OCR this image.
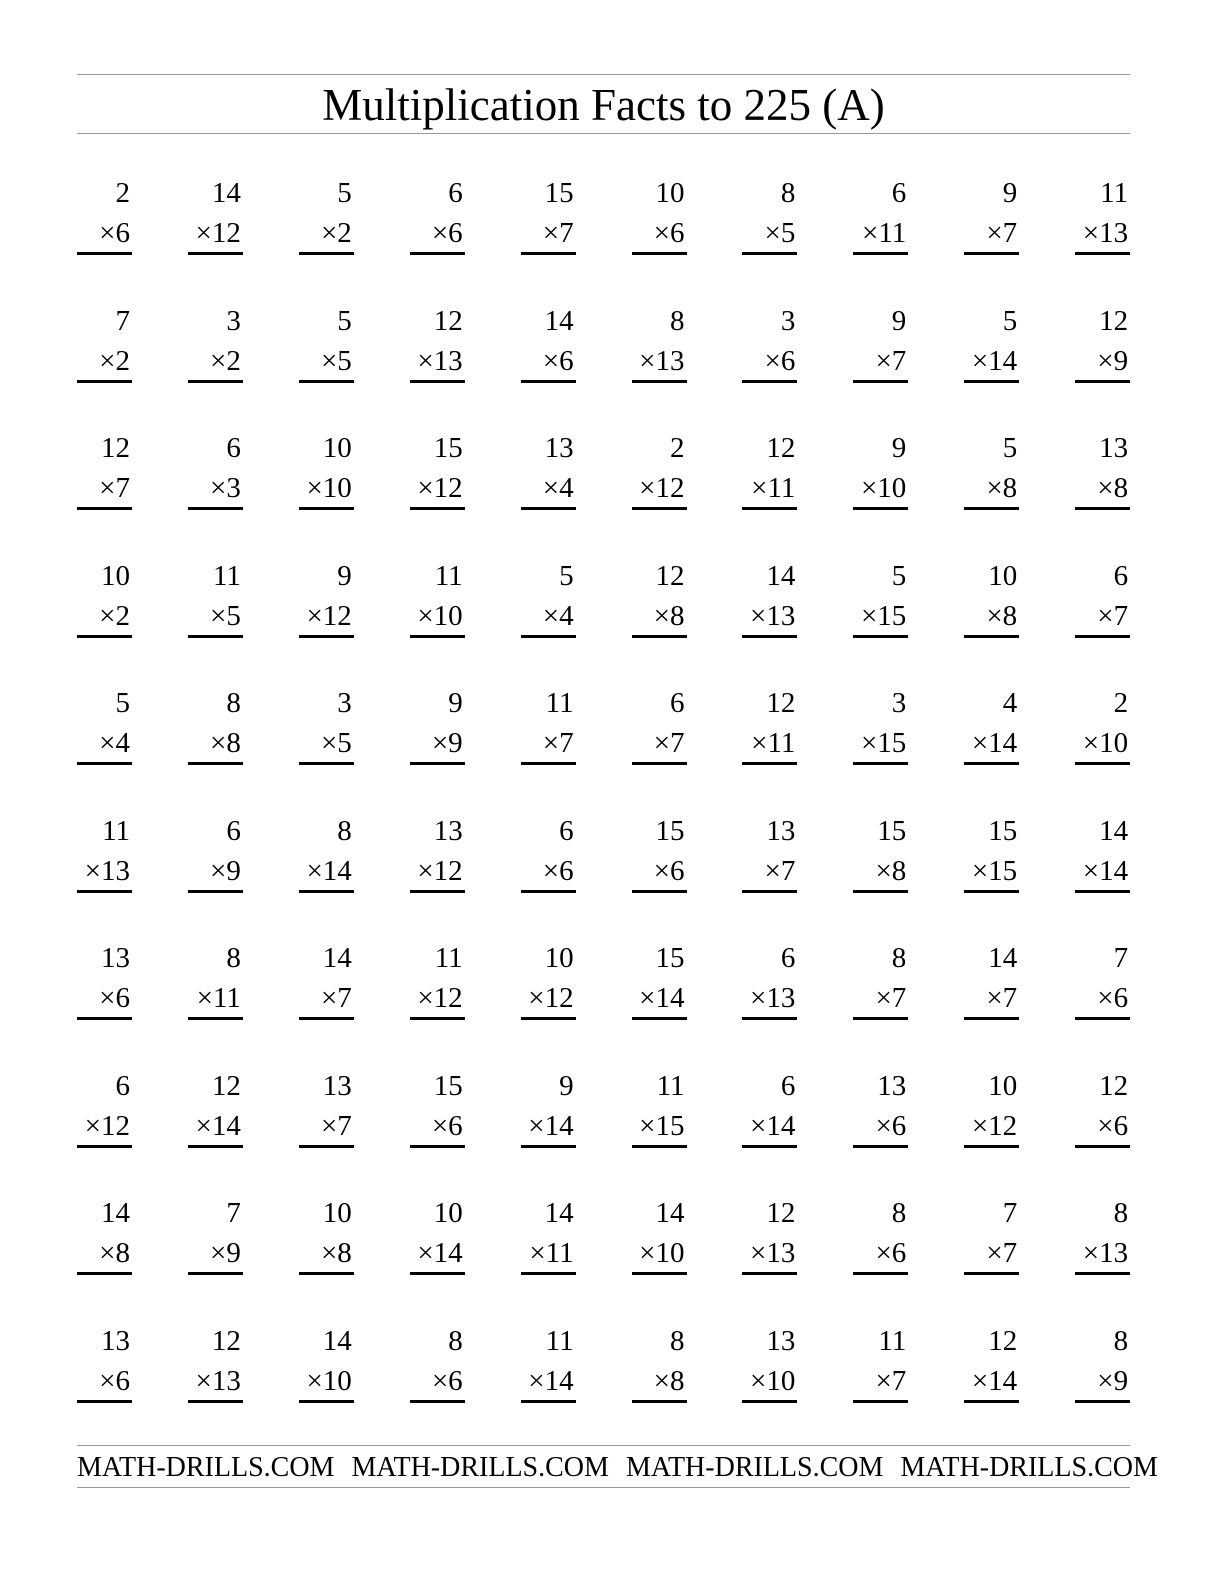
Multiplication Facts to 225 (A)
2
×6
14
×12
5
×2
6
×6
15
×7
10
×6
8
×5
6
×11
9
×7
11
×13
7
×2
3
×2
5
×5
12
×13
14
×6
8
×13
3
×6
9
×7
5
×14
12
×9
12
×7
6
×3
10
×10
15
×12
13
×4
2
×12
12
×11
9
×10
5
×8
13
×8
10
×2
11
×5
9
×12
11
×10
5
×4
12
×8
14
×13
5
×15
10
×8
6
×7
5
×4
8
×8
3
×5
9
×9
11
×7
6
×7
12
×11
3
×15
4
×14
2
×10
11
×13
6
×9
8
×14
13
×12
6
×6
15
×6
13
×7
15
×8
15
×15
14
×14
13
×6
8
×11
14
×7
11
×12
10
×12
15
×14
6
×13
8
×7
14
×7
7
×6
6
×12
12
×14
13
×7
15
×6
9
×14
11
×15
6
×14
13
×6
10
×12
12
×6
14
×8
7
×9
10
×8
10
×14
14
×11
14
×10
12
×13
8
×6
7
×7
8
×13
13
×6
12
×13
14
×10
8
×6
11
×14
8
×8
13
×10
11
×7
12
×14
8
×9
MATH-DRILLS.COM MATH-DRILLS.COM MATH-DRILLS.COM MATH-DRILLS.COM
